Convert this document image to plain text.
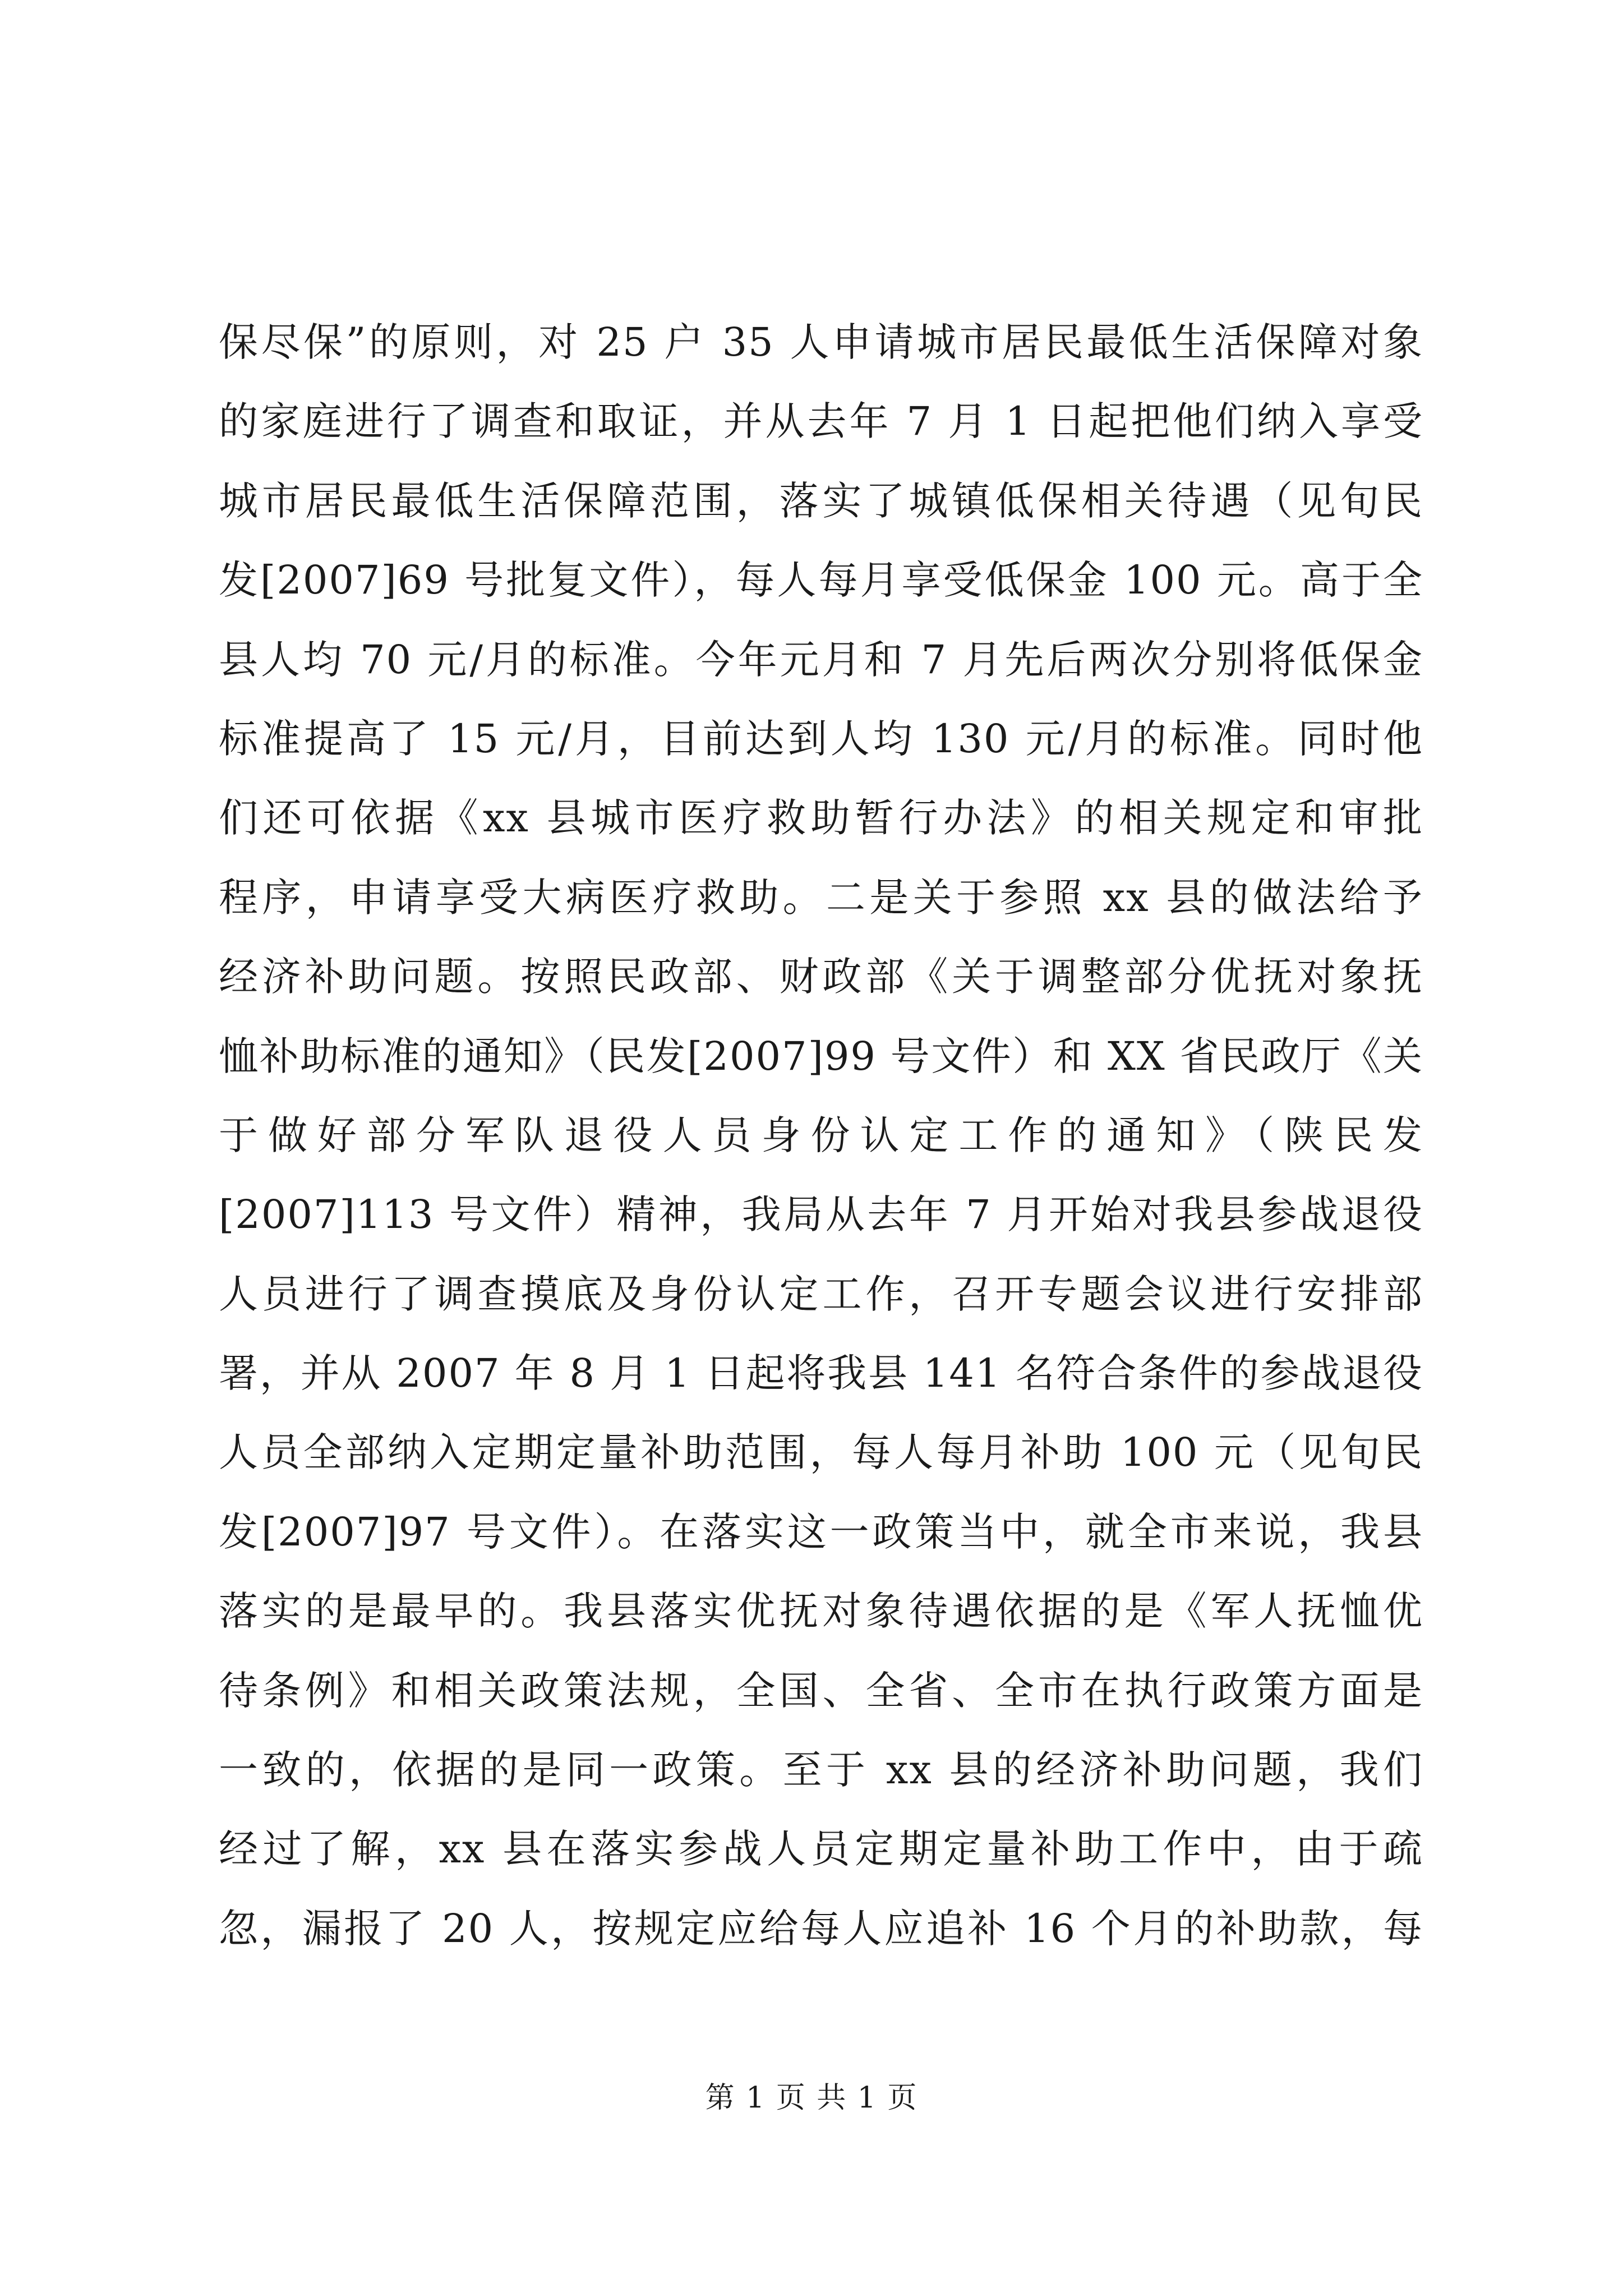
保尽保”的原则，对 25 户 35 人申请城市居民最低生活保障对象
的家庭进行了调查和取证，并从去年 7 月 1 日起把他们纳入享受
城市居民最低生活保障范围，落实了城镇低保相关待遇（见旬民
发[2007]69 号批复文件），每人每月享受低保金 100 元。高于全
县人均 70 元/月的标准。今年元月和 7 月先后两次分别将低保金
标准提高了 15 元/月，目前达到人均 130 元/月的标准。同时他
们还可依据《xx 县城市医疗救助暂行办法》的相关规定和审批
程序，申请享受大病医疗救助。二是关于参照 xx 县的做法给予
经济补助问题。按照民政部、财政部《关于调整部分优抚对象抚
恤补助标准的通知》（民发[2007]99 号文件）和 XX 省民政厅《关
于做好部分军队退役人员身份认定工作的通知》（陕民发
[2007]113 号文件）精神，我局从去年 7 月开始对我县参战退役
人员进行了调查摸底及身份认定工作，召开专题会议进行安排部
署，并从 2007 年 8 月 1 日起将我县 141 名符合条件的参战退役
人员全部纳入定期定量补助范围，每人每月补助 100 元（见旬民
发[2007]97 号文件）。在落实这一政策当中，就全市来说，我县
落实的是最早的。我县落实优抚对象待遇依据的是《军人抚恤优
待条例》和相关政策法规，全国、全省、全市在执行政策方面是
一致的，依据的是同一政策。至于 xx 县的经济补助问题，我们
经过了解，xx 县在落实参战人员定期定量补助工作中，由于疏
忽，漏报了 20 人，按规定应给每人应追补 16 个月的补助款，每
第 1 页 共 1 页
